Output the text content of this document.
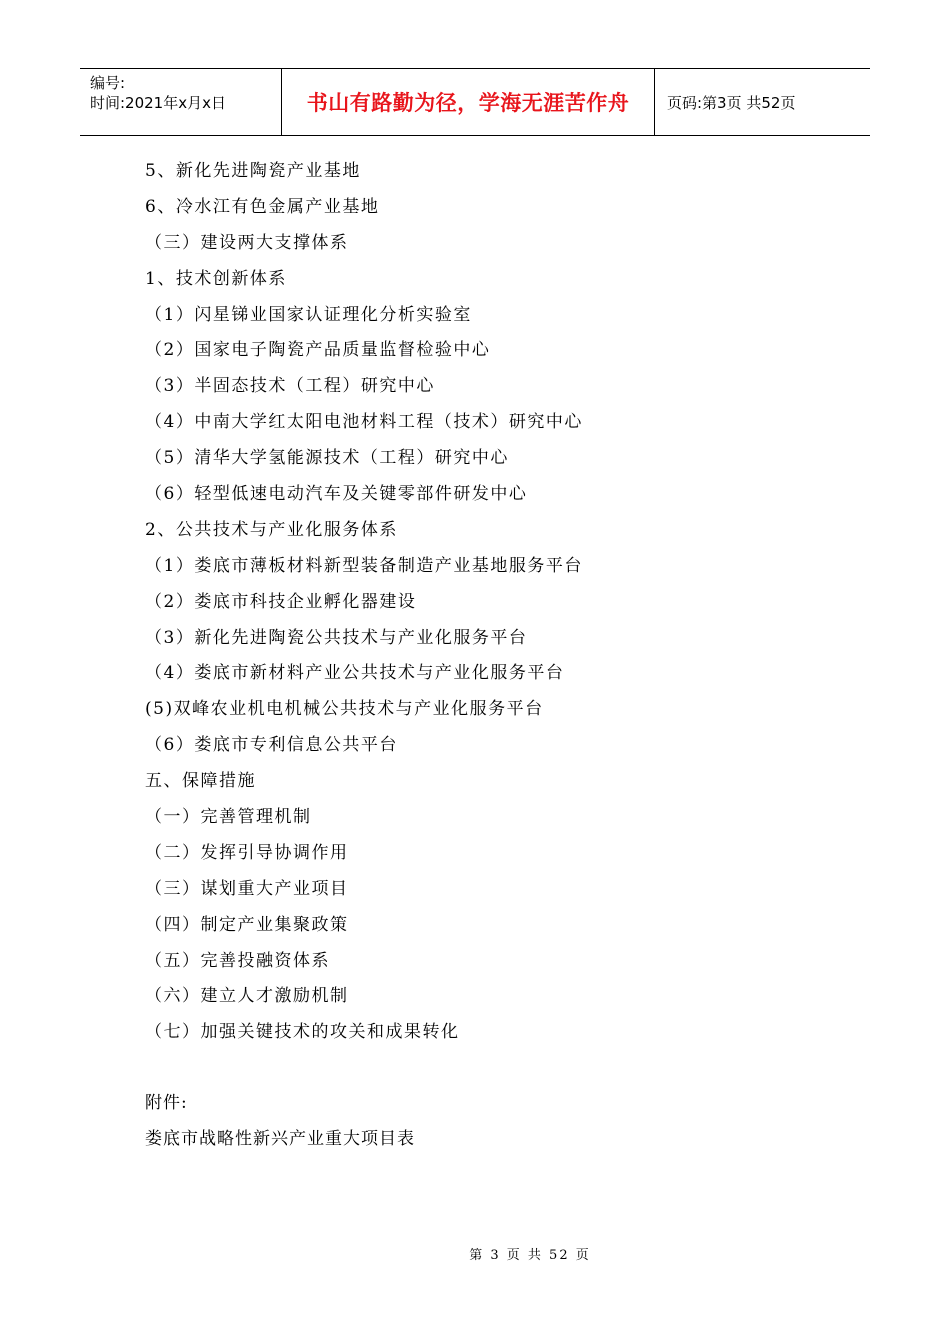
编号:
时间:2021年x月x日	书山有路勤为径，学海无涯苦作舟	页码:第3页 共52页
5、新化先进陶瓷产业基地
6、冷水江有色金属产业基地
（三）建设两大支撑体系
1、技术创新体系
（1）闪星锑业国家认证理化分析实验室
（2）国家电子陶瓷产品质量监督检验中心
（3）半固态技术（工程）研究中心
（4）中南大学红太阳电池材料工程（技术）研究中心
（5）清华大学氢能源技术（工程）研究中心
（6）轻型低速电动汽车及关键零部件研发中心
2、公共技术与产业化服务体系
（1）娄底市薄板材料新型装备制造产业基地服务平台
（2）娄底市科技企业孵化器建设
（3）新化先进陶瓷公共技术与产业化服务平台
（4）娄底市新材料产业公共技术与产业化服务平台
(5)双峰农业机电机械公共技术与产业化服务平台
（6）娄底市专利信息公共平台
五、保障措施
（一）完善管理机制
（二）发挥引导协调作用
（三）谋划重大产业项目
（四）制定产业集聚政策
（五）完善投融资体系
（六）建立人才激励机制
（七）加强关键技术的攻关和成果转化
附件:
娄底市战略性新兴产业重大项目表
第 3 页 共 52 页
